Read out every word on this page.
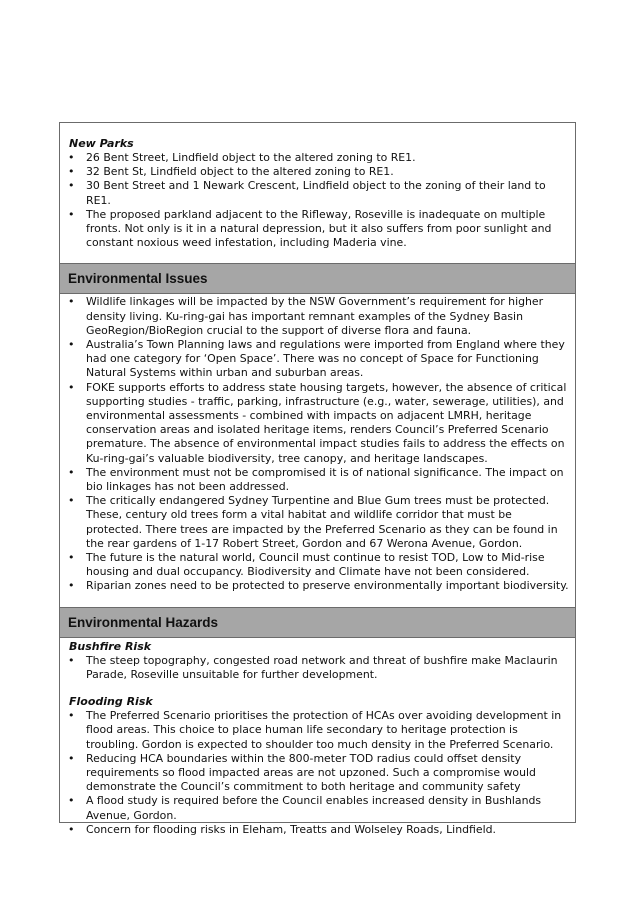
New Parks

• 26 Bent Street, Lindfield object to the altered zoning to RE1.
• 32 Bent St, Lindfield object to the altered zoning to RE1.
• 30 Bent Street and 1 Newark Crescent, Lindfield object to the zoning of their land to RE1.
• The proposed parkland adjacent to the Rifleway, Roseville is inadequate on multiple fronts. Not only is it in a natural depression, but it also suffers from poor sunlight and constant noxious weed infestation, including Maderia vine.
Environmental Issues
• Wildlife linkages will be impacted by the NSW Government’s requirement for higher density living. Ku-ring-gai has important remnant examples of the Sydney Basin GeoRegion/BioRegion crucial to the support of diverse flora and fauna.
• Australia’s Town Planning laws and regulations were imported from England where they had one category for ‘Open Space’. There was no concept of Space for Functioning Natural Systems within urban and suburban areas.
• FOKE supports efforts to address state housing targets, however, the absence of critical supporting studies - traffic, parking, infrastructure (e.g., water, sewerage, utilities), and environmental assessments - combined with impacts on adjacent LMRH, heritage conservation areas and isolated heritage items, renders Council’s Preferred Scenario premature. The absence of environmental impact studies fails to address the effects on Ku-ring-gai’s valuable biodiversity, tree canopy, and heritage landscapes.
• The environment must not be compromised it is of national significance. The impact on bio linkages has not been addressed.
• The critically endangered Sydney Turpentine and Blue Gum trees must be protected. These, century old trees form a vital habitat and wildlife corridor that must be protected. There trees are impacted by the Preferred Scenario as they can be found in the rear gardens of 1-17 Robert Street, Gordon and 67 Werona Avenue, Gordon.
• The future is the natural world, Council must continue to resist TOD, Low to Mid-rise housing and dual occupancy. Biodiversity and Climate have not been considered.
• Riparian zones need to be protected to preserve environmentally important biodiversity.
Environmental Hazards

Bushfire Risk

• The steep topography, congested road network and threat of bushfire make Maclaurin Parade, Roseville unsuitable for further development.

Flooding Risk

• The Preferred Scenario prioritises the protection of HCAs over avoiding development in flood areas. This choice to place human life secondary to heritage protection is troubling. Gordon is expected to shoulder too much density in the Preferred Scenario.
• Reducing HCA boundaries within the 800-meter TOD radius could offset density requirements so flood impacted areas are not upzoned. Such a compromise would demonstrate the Council’s commitment to both heritage and community safety
• A flood study is required before the Council enables increased density in Bushlands Avenue, Gordon.
• Concern for flooding risks in Eleham, Treatts and Wolseley Roads, Lindfield.
